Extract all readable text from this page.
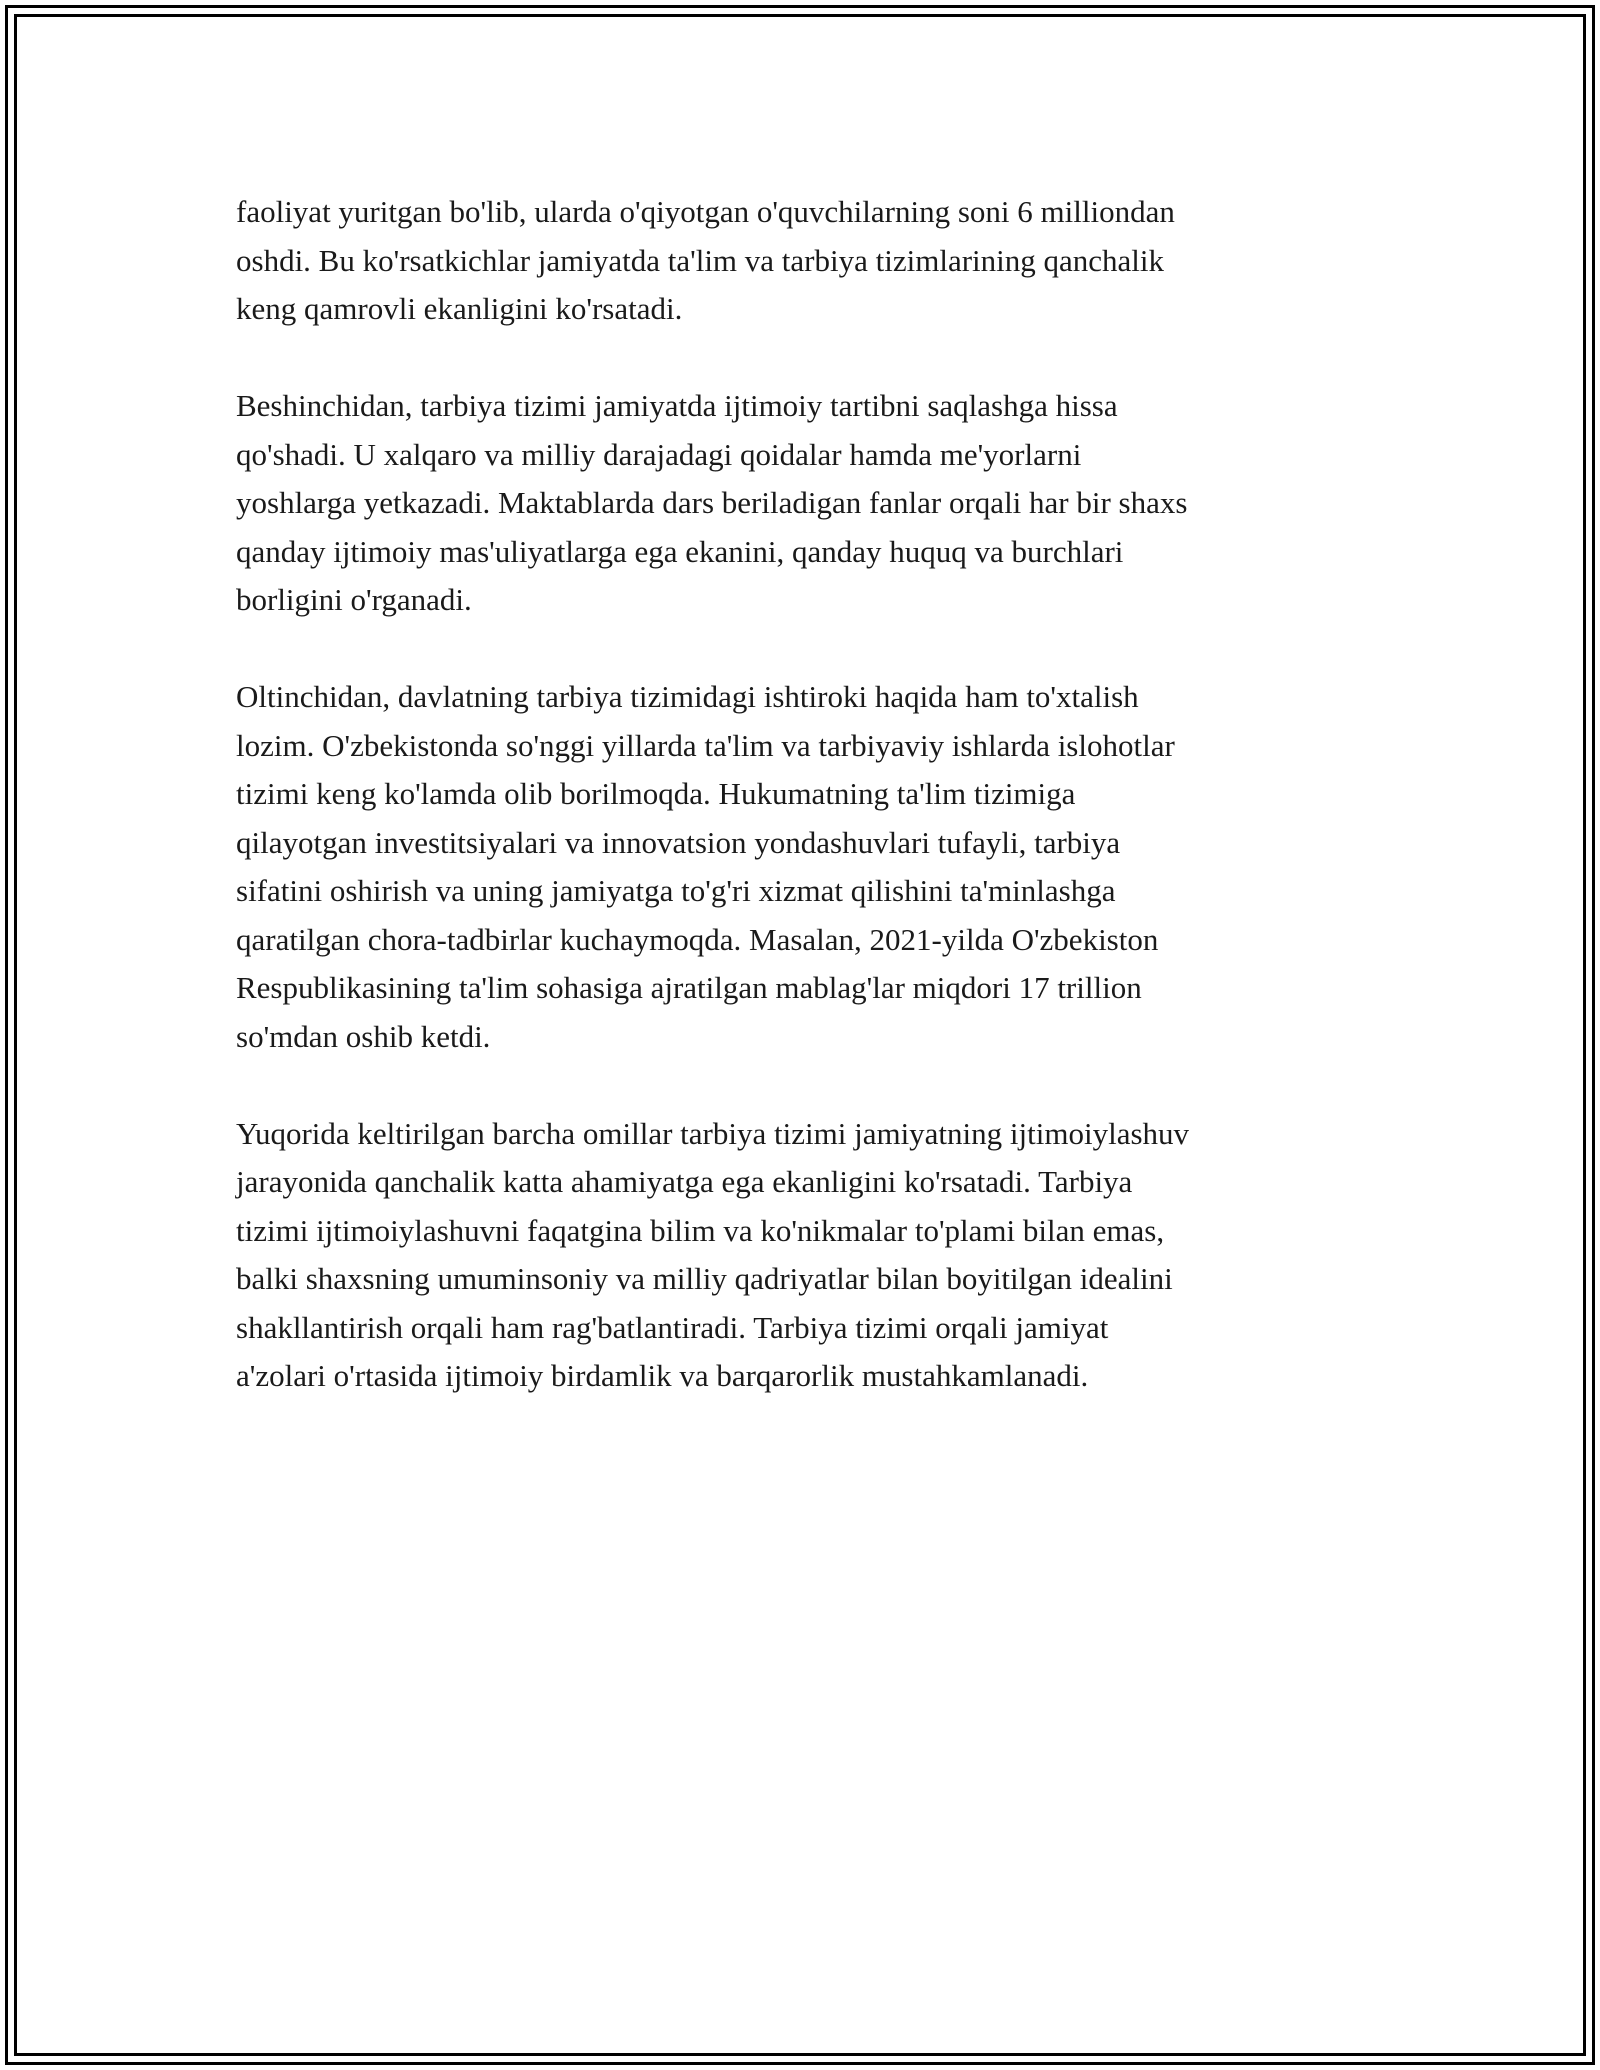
faoliyat yuritgan bo'lib, ularda o'qiyotgan o'quvchilarning soni 6 milliondan
oshdi. Bu ko'rsatkichlar jamiyatda ta'lim va tarbiya tizimlarining qanchalik
keng qamrovli ekanligini ko'rsatadi.

Beshinchidan, tarbiya tizimi jamiyatda ijtimoiy tartibni saqlashga hissa
qo'shadi. U xalqaro va milliy darajadagi qoidalar hamda me'yorlarni
yoshlarga yetkazadi. Maktablarda dars beriladigan fanlar orqali har bir shaxs
qanday ijtimoiy mas'uliyatlarga ega ekanini, qanday huquq va burchlari
borligini o'rganadi.

Oltinchidan, davlatning tarbiya tizimidagi ishtiroki haqida ham to'xtalish
lozim. O'zbekistonda so'nggi yillarda ta'lim va tarbiyaviy ishlarda islohotlar
tizimi keng ko'lamda olib borilmoqda. Hukumatning ta'lim tizimiga
qilayotgan investitsiyalari va innovatsion yondashuvlari tufayli, tarbiya
sifatini oshirish va uning jamiyatga to'g'ri xizmat qilishini ta'minlashga
qaratilgan chora-tadbirlar kuchaymoqda. Masalan, 2021-yilda O'zbekiston
Respublikasining ta'lim sohasiga ajratilgan mablag'lar miqdori 17 trillion
so'mdan oshib ketdi.

Yuqorida keltirilgan barcha omillar tarbiya tizimi jamiyatning ijtimoiylashuv
jarayonida qanchalik katta ahamiyatga ega ekanligini ko'rsatadi. Tarbiya
tizimi ijtimoiylashuvni faqatgina bilim va ko'nikmalar to'plami bilan emas,
balki shaxsning umuminsoniy va milliy qadriyatlar bilan boyitilgan idealini
shakllantirish orqali ham rag'batlantiradi. Tarbiya tizimi orqali jamiyat
a'zolari o'rtasida ijtimoiy birdamlik va barqarorlik mustahkamlanadi.
